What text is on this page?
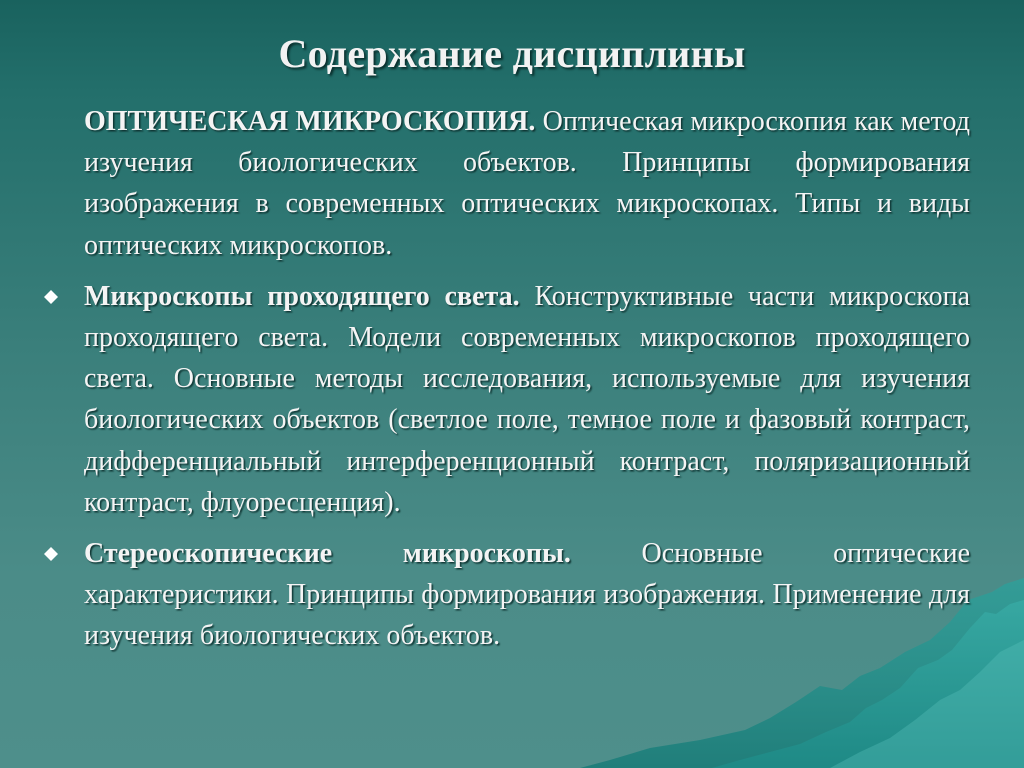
Содержание дисциплины
ОПТИЧЕСКАЯ МИКРОСКОПИЯ. Оптическая микроскопия как метод изучения биологических объектов. Принципы формирования изображения в современных оптических микроскопах. Типы и виды оптических микроскопов.
Микроскопы проходящего света. Конструктивные части микроскопа проходящего света. Модели современных микроскопов проходящего света. Основные методы исследования, используемые для изучения биологических объектов (светлое поле, темное поле и фазовый контраст, дифференциальный интерференционный контраст, поляризационный контраст, флуоресценция).
Стереоскопические микроскопы.	Основные оптические характеристики. Принципы формирования изображения. Применение для изучения биологических объектов.
